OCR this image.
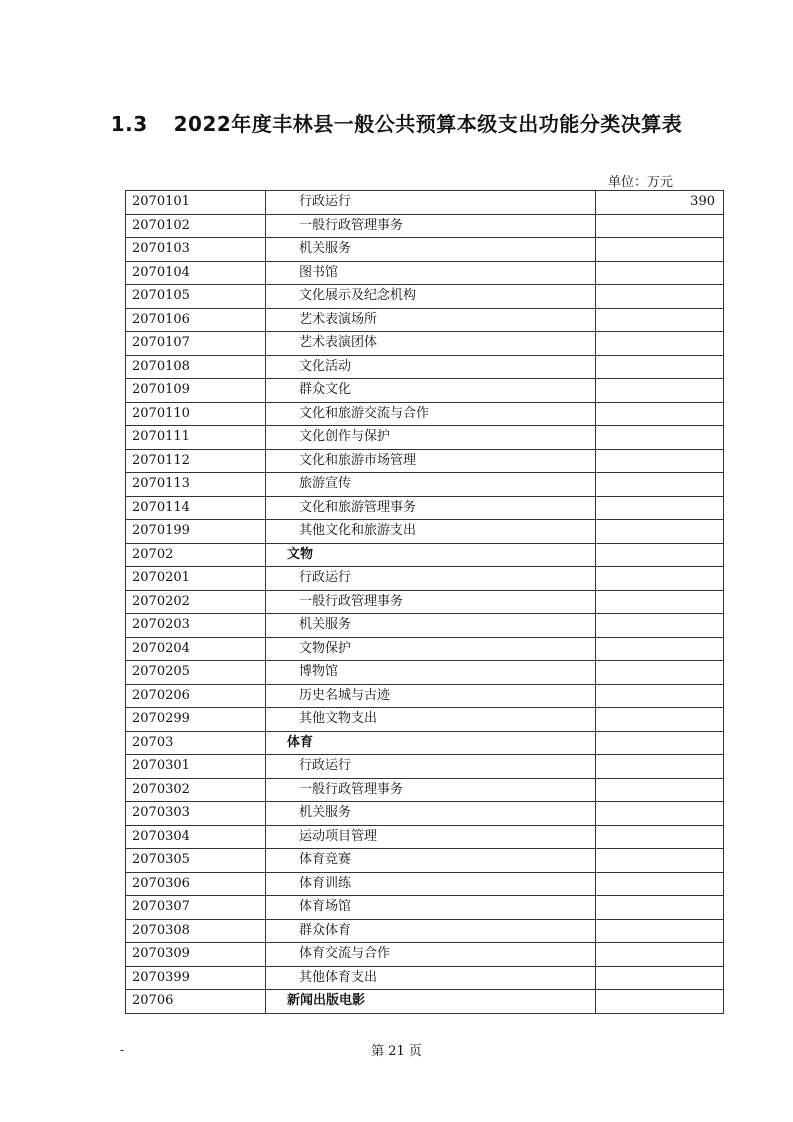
1.3 2022年度丰林县一般公共预算本级支出功能分类决算表
单位：万元
2070101	行政运行	390
2070102	一般行政管理事务	
2070103	机关服务	
2070104	图书馆	
2070105	文化展示及纪念机构	
2070106	艺术表演场所	
2070107	艺术表演团体	
2070108	文化活动	
2070109	群众文化	
2070110	文化和旅游交流与合作	
2070111	文化创作与保护	
2070112	文化和旅游市场管理	
2070113	旅游宣传	
2070114	文化和旅游管理事务	
2070199	其他文化和旅游支出	
20702	文物	
2070201	行政运行	
2070202	一般行政管理事务	
2070203	机关服务	
2070204	文物保护	
2070205	博物馆	
2070206	历史名城与古迹	
2070299	其他文物支出	
20703	体育	
2070301	行政运行	
2070302	一般行政管理事务	
2070303	机关服务	
2070304	运动项目管理	
2070305	体育竞赛	
2070306	体育训练	
2070307	体育场馆	
2070308	群众体育	
2070309	体育交流与合作	
2070399	其他体育支出	
20706	新闻出版电影	
-	第 21 页
